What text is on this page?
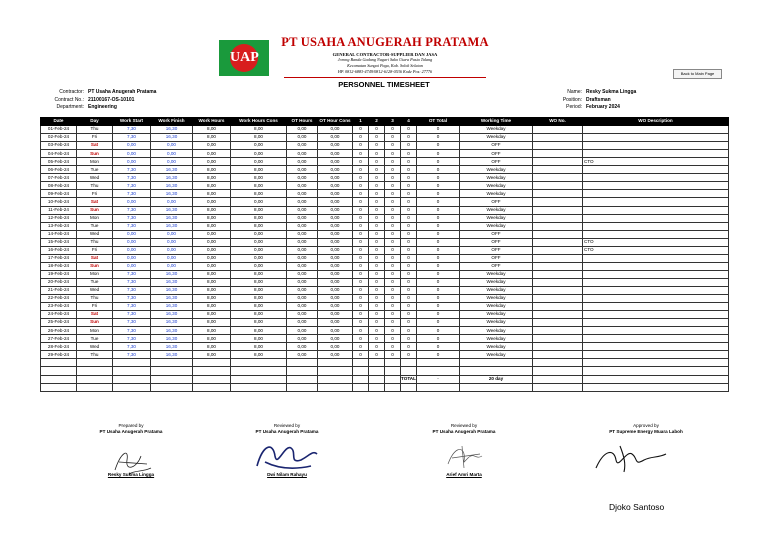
UAP
PT USAHA ANUGERAH PRATAMA
GENERAL CONTRACTOR-SUPPLIER DAN JASA
Jorong Banda Gadang Nagari Sako Utara Pasia Talang
Kecamatan Sungai Pagu, Kab. Solok Selatan
HP. 0812-6883-4749/0812-6128-0536 Kode Pos: 27776	Back to Main Page
PERSONNEL TIMESHEET
Contractor: PT Usaha Anugerah Pratama
Contract No.: 21100167-OS-10101
Department: Engineering
Name: Resky Sukma Lingga
Position: Draftsman
Period: February 2024
Date	Day	Work Start	Work Finish	Work Hours	Work Hours Cons	OT Hours	OT Hour Cons	1	2	3	4	OT Total	Working Time	WO No.	WO Description
01-Feb-24	Thu	7,30	16,30	8,00	8,00	0,00	0,00	0	0	0	0	0	Weekday		
02-Feb-24	Fri	7,30	16,30	8,00	8,00	0,00	0,00	0	0	0	0	0	Weekday		
03-Feb-24	Sat	0,00	0,00	0,00	0,00	0,00	0,00	0	0	0	0	0	OFF		
04-Feb-24	Sun	0,00	0,00	0,00	0,00	0,00	0,00	0	0	0	0	0	OFF		
05-Feb-24	Mon	0,00	0,00	0,00	0,00	0,00	0,00	0	0	0	0	0	OFF		CTO
06-Feb-24	Tue	7,30	16,30	8,00	8,00	0,00	0,00	0	0	0	0	0	Weekday		
07-Feb-24	Wed	7,30	16,30	8,00	8,00	0,00	0,00	0	0	0	0	0	Weekday		
08-Feb-24	Thu	7,30	16,30	8,00	8,00	0,00	0,00	0	0	0	0	0	Weekday		
09-Feb-24	Fri	7,30	16,30	8,00	8,00	0,00	0,00	0	0	0	0	0	Weekday		
10-Feb-24	Sat	0,00	0,00	0,00	0,00	0,00	0,00	0	0	0	0	0	OFF		
11-Feb-24	Sun	7,30	16,30	8,00	8,00	0,00	0,00	0	0	0	0	0	Weekday		
12-Feb-24	Mon	7,30	16,30	8,00	8,00	0,00	0,00	0	0	0	0	0	Weekday		
13-Feb-24	Tue	7,30	16,30	8,00	8,00	0,00	0,00	0	0	0	0	0	Weekday		
14-Feb-24	Wed	0,00	0,00	0,00	0,00	0,00	0,00	0	0	0	0	0	OFF		
15-Feb-24	Thu	0,00	0,00	0,00	0,00	0,00	0,00	0	0	0	0	0	OFF		CTO
16-Feb-24	Fri	0,00	0,00	0,00	0,00	0,00	0,00	0	0	0	0	0	OFF		CTO
17-Feb-24	Sat	0,00	0,00	0,00	0,00	0,00	0,00	0	0	0	0	0	OFF		
18-Feb-24	Sun	0,00	0,00	0,00	0,00	0,00	0,00	0	0	0	0	0	OFF		
19-Feb-24	Mon	7,30	16,30	8,00	8,00	0,00	0,00	0	0	0	0	0	Weekday		
20-Feb-24	Tue	7,30	16,30	8,00	8,00	0,00	0,00	0	0	0	0	0	Weekday		
21-Feb-24	Wed	7,30	16,30	8,00	8,00	0,00	0,00	0	0	0	0	0	Weekday		
22-Feb-24	Thu	7,30	16,30	8,00	8,00	0,00	0,00	0	0	0	0	0	Weekday		
23-Feb-24	Fri	7,30	16,30	8,00	8,00	0,00	0,00	0	0	0	0	0	Weekday		
24-Feb-24	Sat	7,30	16,30	8,00	8,00	0,00	0,00	0	0	0	0	0	Weekday		
25-Feb-24	Sun	7,30	16,30	8,00	8,00	0,00	0,00	0	0	0	0	0	Weekday		
26-Feb-24	Mon	7,30	16,30	8,00	8,00	0,00	0,00	0	0	0	0	0	Weekday		
27-Feb-24	Tue	7,30	16,30	8,00	8,00	0,00	0,00	0	0	0	0	0	Weekday		
28-Feb-24	Wed	7,30	16,30	8,00	8,00	0,00	0,00	0	0	0	0	0	Weekday		
29-Feb-24	Thu	7,30	16,30	8,00	8,00	0,00	0,00	0	0	0	0	0	Weekday		

											TOTAL	-	20 day		

Prepared by
PT Usaha Anugerah Pratama
Resky Sukma Lingga
Reviewed by
PT Usaha Anugerah Pratama
Dwi Nilam Rahayu
Reviewed by
PT Usaha Anugerah Pratama
Arief Amri Marta
Approved by
PT Supreme Energy Muara Laboh
Djoko Santoso
